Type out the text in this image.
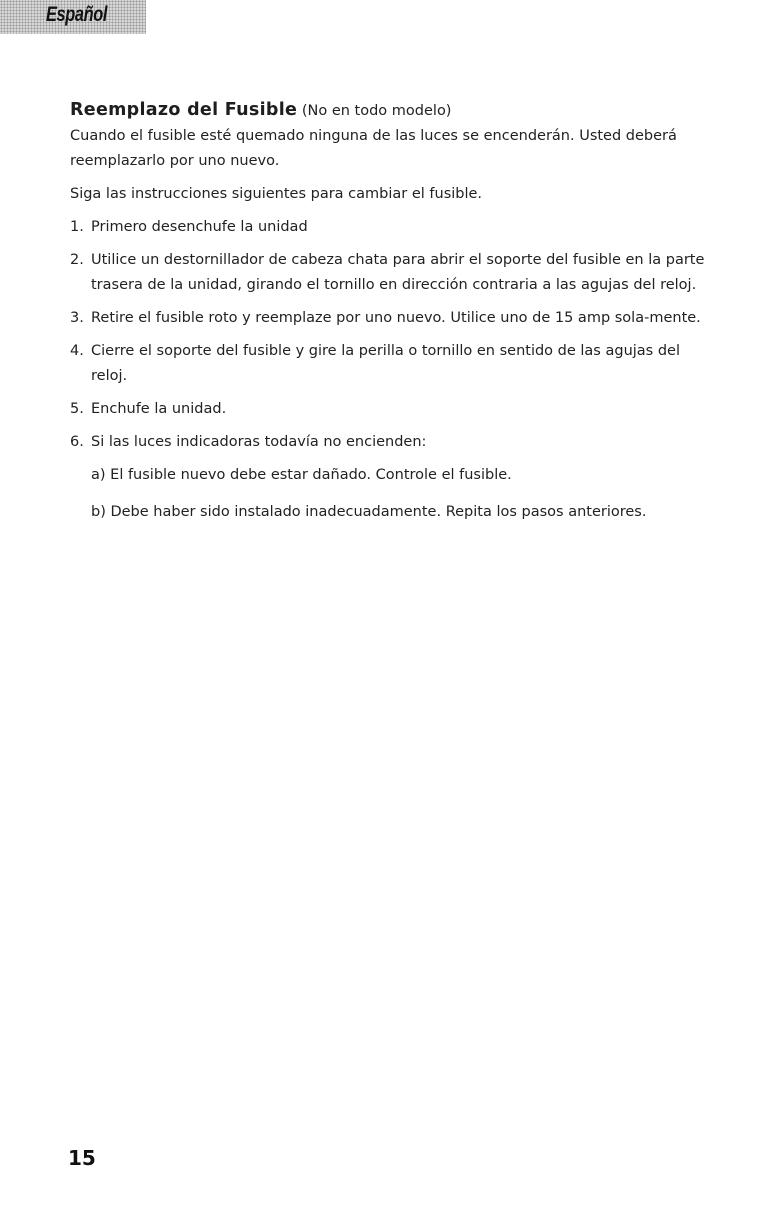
Español

Reemplazo del Fusible (No en todo modelo)

Cuando el fusible esté quemado ninguna de las luces se encenderán. Usted deberá reemplazarlo por uno nuevo.

Siga las instrucciones siguientes para cambiar el fusible.

1. Primero desenchufe la unidad
2. Utilice un destornillador de cabeza chata para abrir el soporte del fusible en la parte trasera de la unidad, girando el tornillo en dirección contraria a las agujas del reloj.
3. Retire el fusible roto y reemplaze por uno nuevo. Utilice uno de 15 amp sola-mente.
4. Cierre el soporte del fusible y gire la perilla o tornillo en sentido de las agujas del reloj.
5. Enchufe la unidad.
6. Si las luces indicadoras todavía no encienden:

a) El fusible nuevo debe estar dañado. Controle el fusible.

b) Debe haber sido instalado inadecuadamente. Repita los pasos anteriores.

15
